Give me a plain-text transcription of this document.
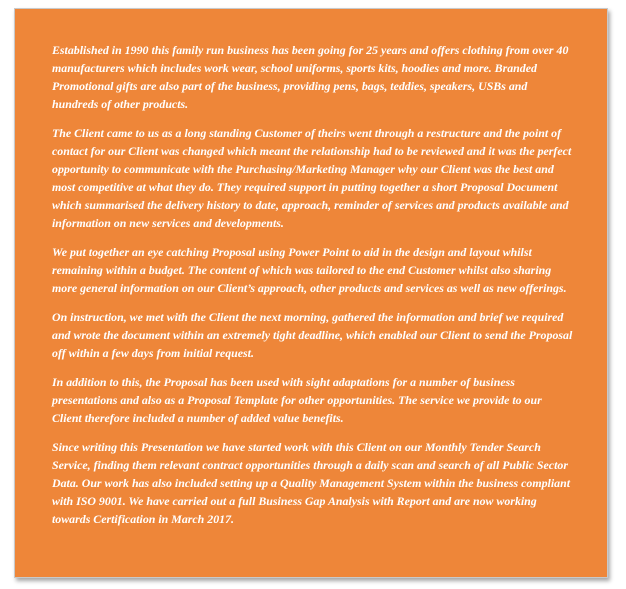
Established in 1990 this family run business has been going for 25 years and offers clothing from over 40 manufacturers which includes work wear, school uniforms, sports kits, hoodies and more. Branded Promotional gifts are also part of the business, providing pens, bags, teddies, speakers, USBs and hundreds of other products.

The Client came to us as a long standing Customer of theirs went through a restructure and the point of contact for our Client was changed which meant the relationship had to be reviewed and it was the perfect opportunity to communicate with the Purchasing/Marketing Manager why our Client was the best and most competitive at what they do. They required support in putting together a short Proposal Document which summarised the delivery history to date, approach, reminder of services and products available and information on new services and developments.

We put together an eye catching Proposal using Power Point to aid in the design and layout whilst remaining within a budget. The content of which was tailored to the end Customer whilst also sharing more general information on our Client’s approach, other products and services as well as new offerings.

On instruction, we met with the Client the next morning, gathered the information and brief we required and wrote the document within an extremely tight deadline, which enabled our Client to send the Proposal off within a few days from initial request.

In addition to this, the Proposal has been used with sight adaptations for a number of business presentations and also as a Proposal Template for other opportunities. The service we provide to our Client therefore included a number of added value benefits.

Since writing this Presentation we have started work with this Client on our Monthly Tender Search Service, finding them relevant contract opportunities through a daily scan and search of all Public Sector Data. Our work has also included setting up a Quality Management System within the business compliant with ISO 9001. We have carried out a full Business Gap Analysis with Report and are now working towards Certification in March 2017.
